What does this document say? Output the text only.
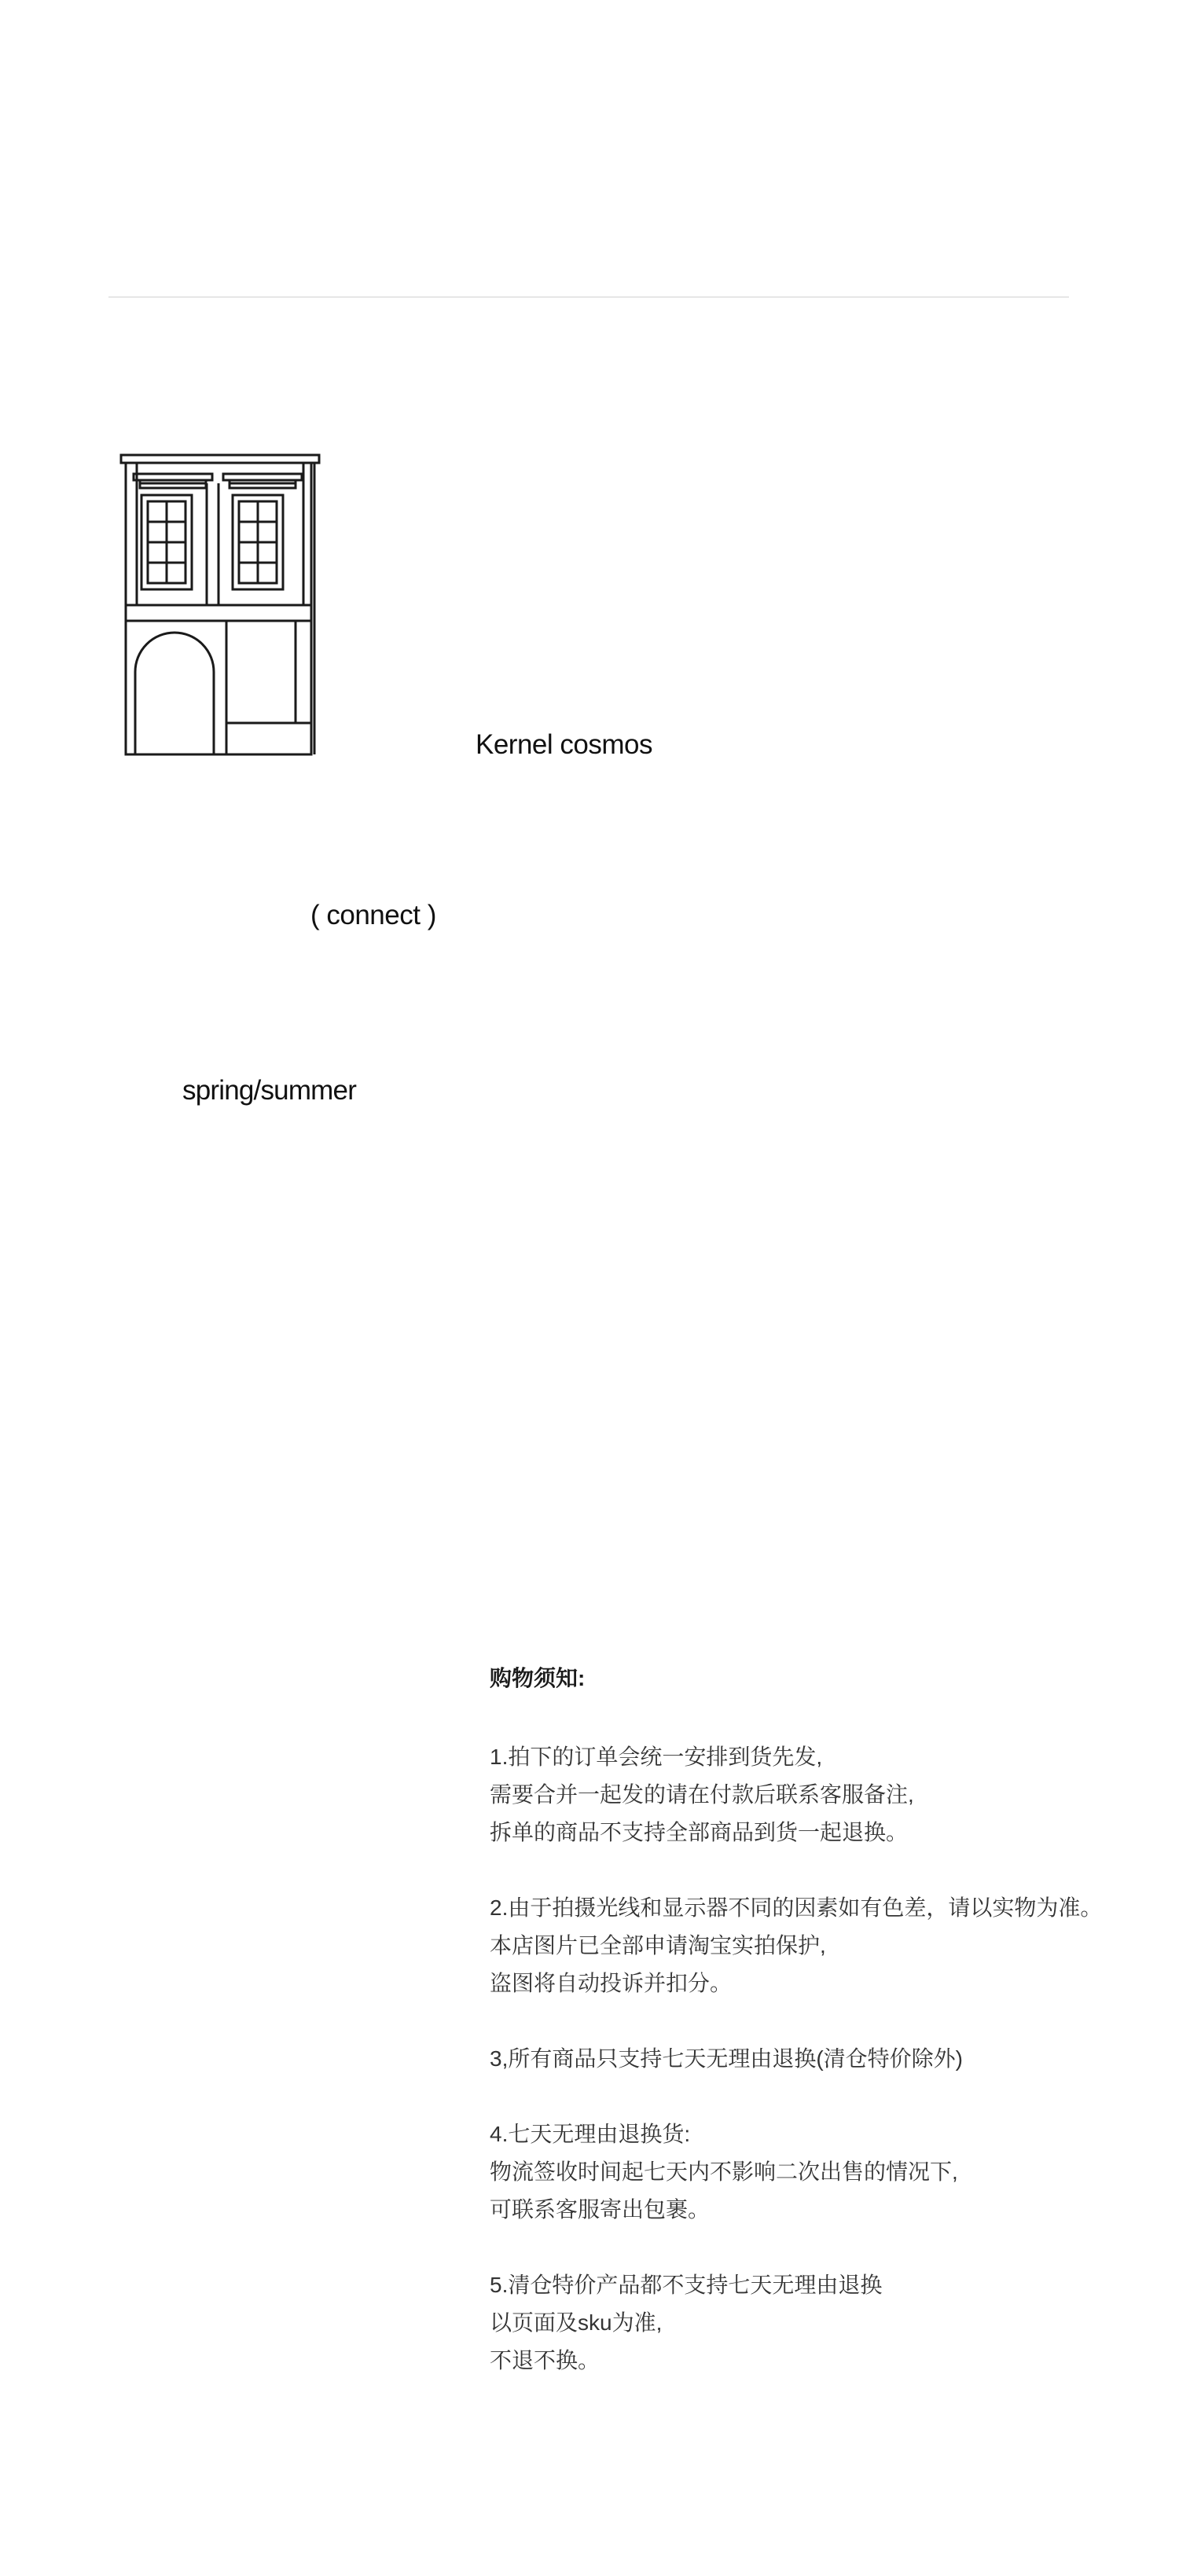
Kernel cosmos
( connect )
spring/summer
购物须知:
1.拍下的订单会统一安排到货先发,
需要合并一起发的请在付款后联系客服备注,
拆单的商品不支持全部商品到货一起退换。
2.由于拍摄光线和显示器不同的因素如有色差，请以实物为准。
本店图片已全部申请淘宝实拍保护,
盗图将自动投诉并扣分。
3,所有商品只支持七天无理由退换(清仓特价除外)
4.七天无理由退换货:
物流签收时间起七天内不影响二次出售的情况下,
可联系客服寄出包裹。
5.清仓特价产品都不支持七天无理由退换
以页面及sku为准,
不退不换。
